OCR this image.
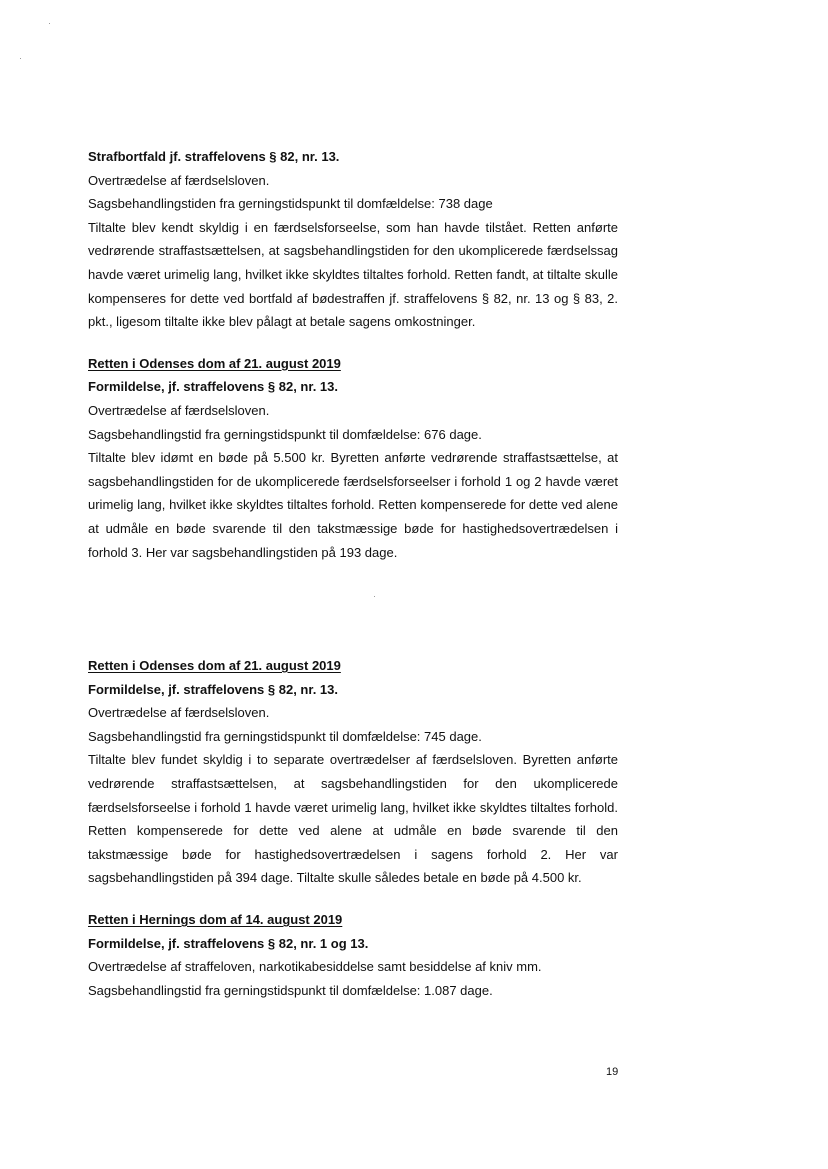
Strafbortfald jf. straffelovens § 82, nr. 13.

Overtrædelse af færdselsloven.

Sagsbehandlingstiden fra gerningstidspunkt til domfældelse: 738 dage

Tiltalte blev kendt skyldig i en færdselsforseelse, som han havde tilstået. Retten anførte vedrørende straffastsættelsen, at sagsbehandlingstiden for den ukomplicerede færdselssag havde været urimelig lang, hvilket ikke skyldtes tiltaltes forhold. Retten fandt, at tiltalte skulle kompenseres for dette ved bortfald af bødestraffen jf. straffelovens § 82, nr. 13 og § 83, 2. pkt., ligesom tiltalte ikke blev pålagt at betale sagens omkostninger.

Retten i Odenses dom af 21. august 2019

Formildelse, jf. straffelovens § 82, nr. 13.

Overtrædelse af færdselsloven.

Sagsbehandlingstid fra gerningstidspunkt til domfældelse: 676 dage.

Tiltalte blev idømt en bøde på 5.500 kr. Byretten anførte vedrørende straffastsættelse, at sagsbehandlingstiden for de ukomplicerede færdselsforseelser i forhold 1 og 2 havde været urimelig lang, hvilket ikke skyldtes tiltaltes forhold. Retten kompenserede for dette ved alene at udmåle en bøde svarende til den takstmæssige bøde for hastighedsovertrædelsen i forhold 3. Her var sagsbehandlingstiden på 193 dage.

Retten i Odenses dom af 21. august 2019

Formildelse, jf. straffelovens § 82, nr. 13.

Overtrædelse af færdselsloven.

Sagsbehandlingstid fra gerningstidspunkt til domfældelse: 745 dage.

Tiltalte blev fundet skyldig i to separate overtrædelser af færdselsloven. Byretten anførte vedrørende straffastsættelsen, at sagsbehandlingstiden for den ukomplicerede færdselsforseelse i forhold 1 havde været urimelig lang, hvilket ikke skyldtes tiltaltes forhold. Retten kompenserede for dette ved alene at udmåle en bøde svarende til den takstmæssige bøde for hastighedsovertrædelsen i sagens forhold 2. Her var sagsbehandlingstiden på 394 dage. Tiltalte skulle således betale en bøde på 4.500 kr.

Retten i Hernings dom af 14. august 2019

Formildelse, jf. straffelovens § 82, nr. 1 og 13.

Overtrædelse af straffeloven, narkotikabesiddelse samt besiddelse af kniv mm.

Sagsbehandlingstid fra gerningstidspunkt til domfældelse: 1.087 dage.

19
